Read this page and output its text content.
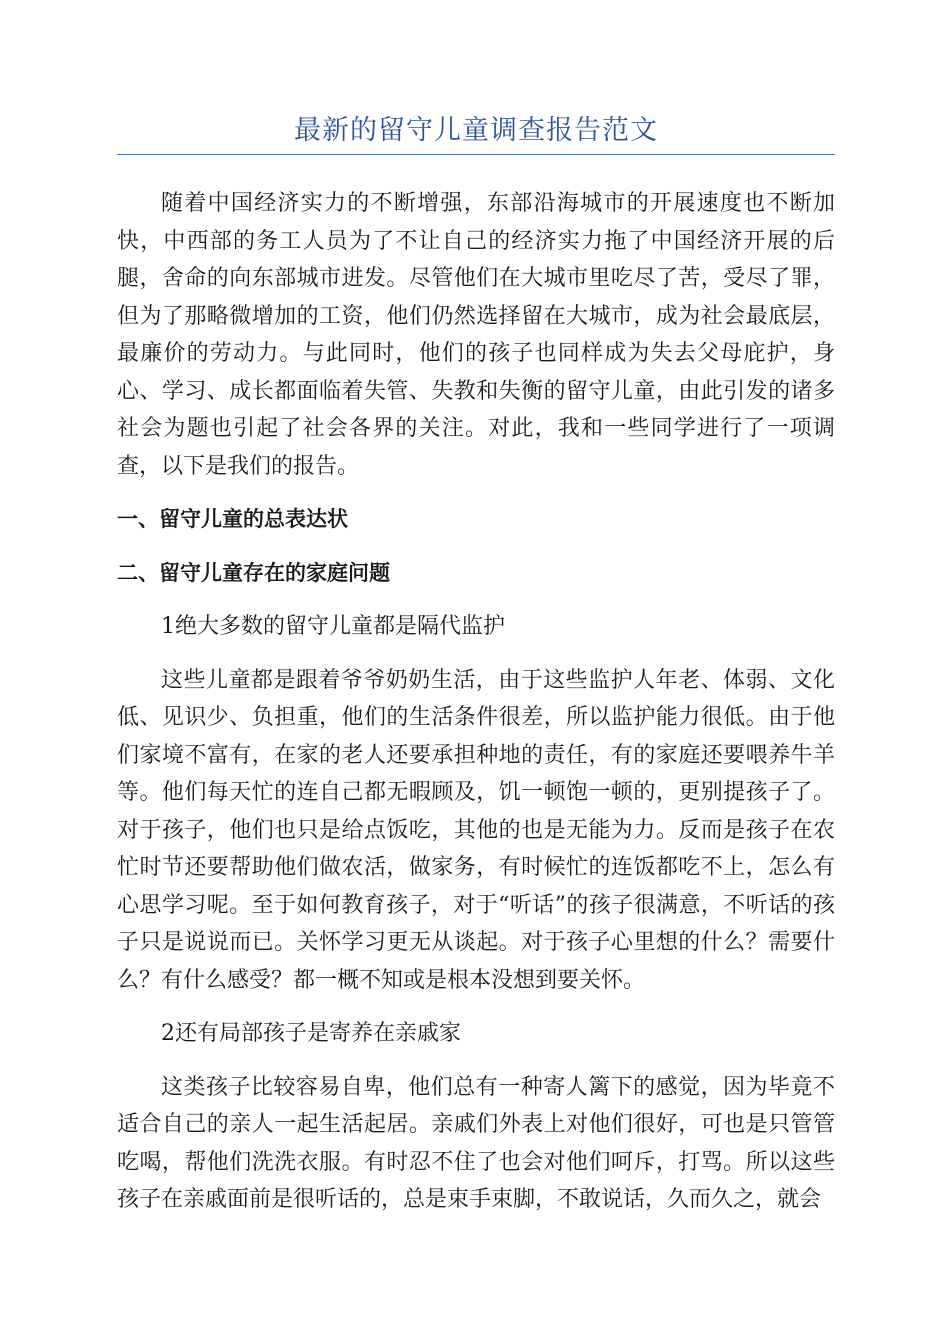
最新的留守儿童调查报告范文

随着中国经济实力的不断增强，东部沿海城市的开展速度也不断加快，中西部的务工人员为了不让自己的经济实力拖了中国经济开展的后腿，舍命的向东部城市进发。尽管他们在大城市里吃尽了苦，受尽了罪，但为了那略微增加的工资，他们仍然选择留在大城市，成为社会最底层，最廉价的劳动力。与此同时，他们的孩子也同样成为失去父母庇护，身心、学习、成长都面临着失管、失教和失衡的留守儿童，由此引发的诸多社会为题也引起了社会各界的关注。对此，我和一些同学进行了一项调查，以下是我们的报告。

一、留守儿童的总表达状

二、留守儿童存在的家庭问题

1绝大多数的留守儿童都是隔代监护

这些儿童都是跟着爷爷奶奶生活，由于这些监护人年老、体弱、文化低、见识少、负担重，他们的生活条件很差，所以监护能力很低。由于他们家境不富有，在家的老人还要承担种地的责任，有的家庭还要喂养牛羊等。他们每天忙的连自己都无暇顾及，饥一顿饱一顿的，更别提孩子了。对于孩子，他们也只是给点饭吃，其他的也是无能为力。反而是孩子在农忙时节还要帮助他们做农活，做家务，有时候忙的连饭都吃不上，怎么有心思学习呢。至于如何教育孩子，对于“听话”的孩子很满意，不听话的孩子只是说说而已。关怀学习更无从谈起。对于孩子心里想的什么？需要什么？有什么感受？都一概不知或是根本没想到要关怀。

2还有局部孩子是寄养在亲戚家

这类孩子比较容易自卑，他们总有一种寄人篱下的感觉，因为毕竟不适合自己的亲人一起生活起居。亲戚们外表上对他们很好，可也是只管管吃喝，帮他们洗洗衣服。有时忍不住了也会对他们呵斥，打骂。所以这些孩子在亲戚面前是很听话的，总是束手束脚，不敢说话，久而久之，就会
